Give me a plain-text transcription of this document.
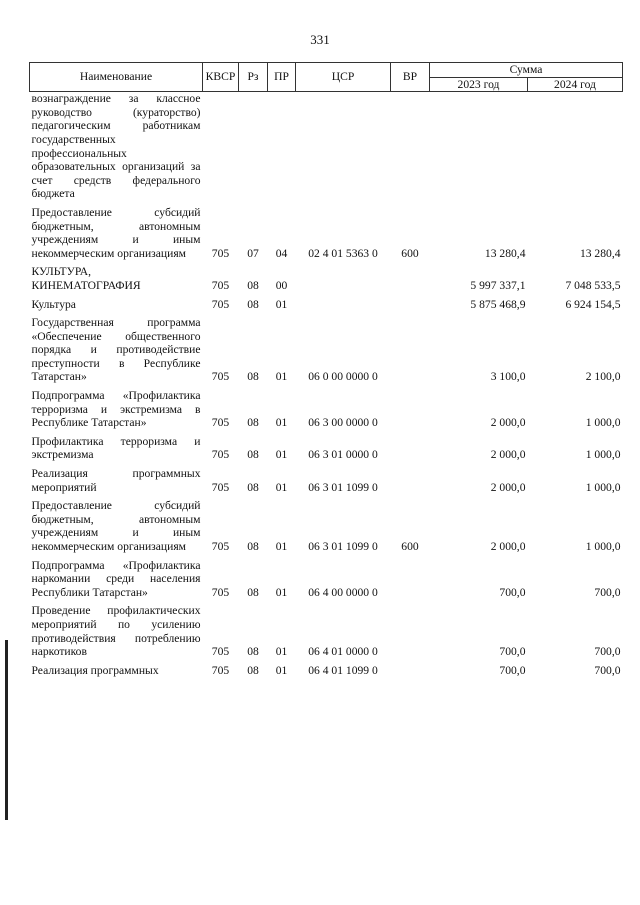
331
Наименование	КВСР	Рз	ПР	ЦСР	ВР	Сумма	
						2023 год	2024 год
вознаграждение за классное руководство (кураторство) педагогическим работникам государственных профессиональных образовательных организаций за счет средств федерального бюджета							
Предоставление субсидий бюджетным, автономным учреждениям и иным некоммерческим организациям	705	07	04	02 4 01 5363 0	600	13 280,4	13 280,4
КУЛЬТУРА, КИНЕМАТОГРАФИЯ	705	08	00			5 997 337,1	7 048 533,5
Культура	705	08	01			5 875 468,9	6 924 154,5
Государственная программа «Обеспечение общественного порядка и противодействие преступности в Республике Татарстан»	705	08	01	06 0 00 0000 0		3 100,0	2 100,0
Подпрограмма «Профилактика терроризма и экстремизма в Республике Татарстан»	705	08	01	06 3 00 0000 0		2 000,0	1 000,0
Профилактика терроризма и экстремизма	705	08	01	06 3 01 0000 0		2 000,0	1 000,0
Реализация программных мероприятий	705	08	01	06 3 01 1099 0		2 000,0	1 000,0
Предоставление субсидий бюджетным, автономным учреждениям и иным некоммерческим организациям	705	08	01	06 3 01 1099 0	600	2 000,0	1 000,0
Подпрограмма «Профилактика наркомании среди населения Республики Татарстан»	705	08	01	06 4 00 0000 0		700,0	700,0
Проведение профилактических мероприятий по усилению противодействия потреблению наркотиков	705	08	01	06 4 01 0000 0		700,0	700,0
Реализация программных	705	08	01	06 4 01 1099 0		700,0	700,0
